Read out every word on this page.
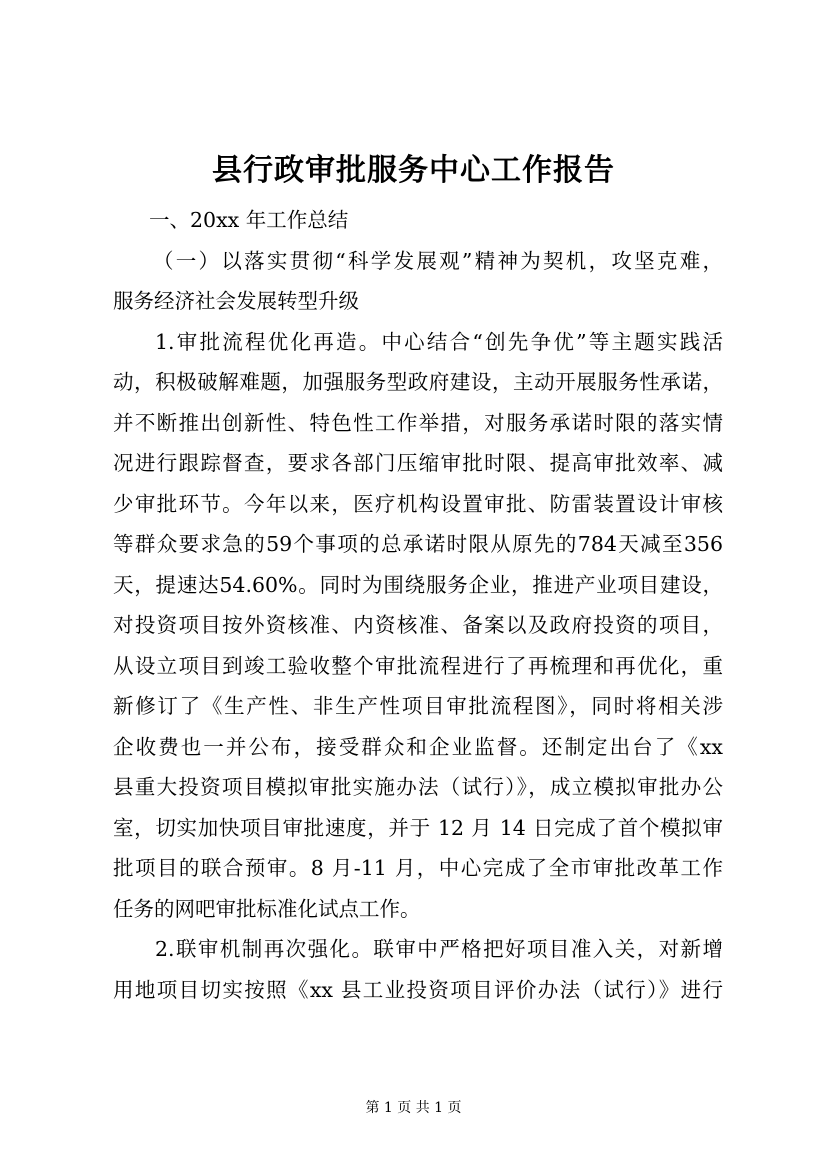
县行政审批服务中心工作报告
一、20xx 年工作总结
（一）以落实贯彻“科学发展观”精神为契机，攻坚克难，
服务经济社会发展转型升级
1.审批流程优化再造。中心结合“创先争优”等主题实践活
动，积极破解难题，加强服务型政府建设，主动开展服务性承诺，
并不断推出创新性、特色性工作举措，对服务承诺时限的落实情
况进行跟踪督查，要求各部门压缩审批时限、提高审批效率、减
少审批环节。今年以来，医疗机构设置审批、防雷装置设计审核
等群众要求急的59个事项的总承诺时限从原先的784天减至356
天，提速达54.60%。同时为围绕服务企业，推进产业项目建设，
对投资项目按外资核准、内资核准、备案以及政府投资的项目，
从设立项目到竣工验收整个审批流程进行了再梳理和再优化，重
新修订了《生产性、非生产性项目审批流程图》，同时将相关涉
企收费也一并公布，接受群众和企业监督。还制定出台了《xx
县重大投资项目模拟审批实施办法（试行）》，成立模拟审批办公
室，切实加快项目审批速度，并于 12 月 14 日完成了首个模拟审
批项目的联合预审。8 月-11 月，中心完成了全市审批改革工作
任务的网吧审批标准化试点工作。
2.联审机制再次强化。联审中严格把好项目准入关，对新增
用地项目切实按照《xx 县工业投资项目评价办法（试行）》进行
第 1 页 共 1 页
